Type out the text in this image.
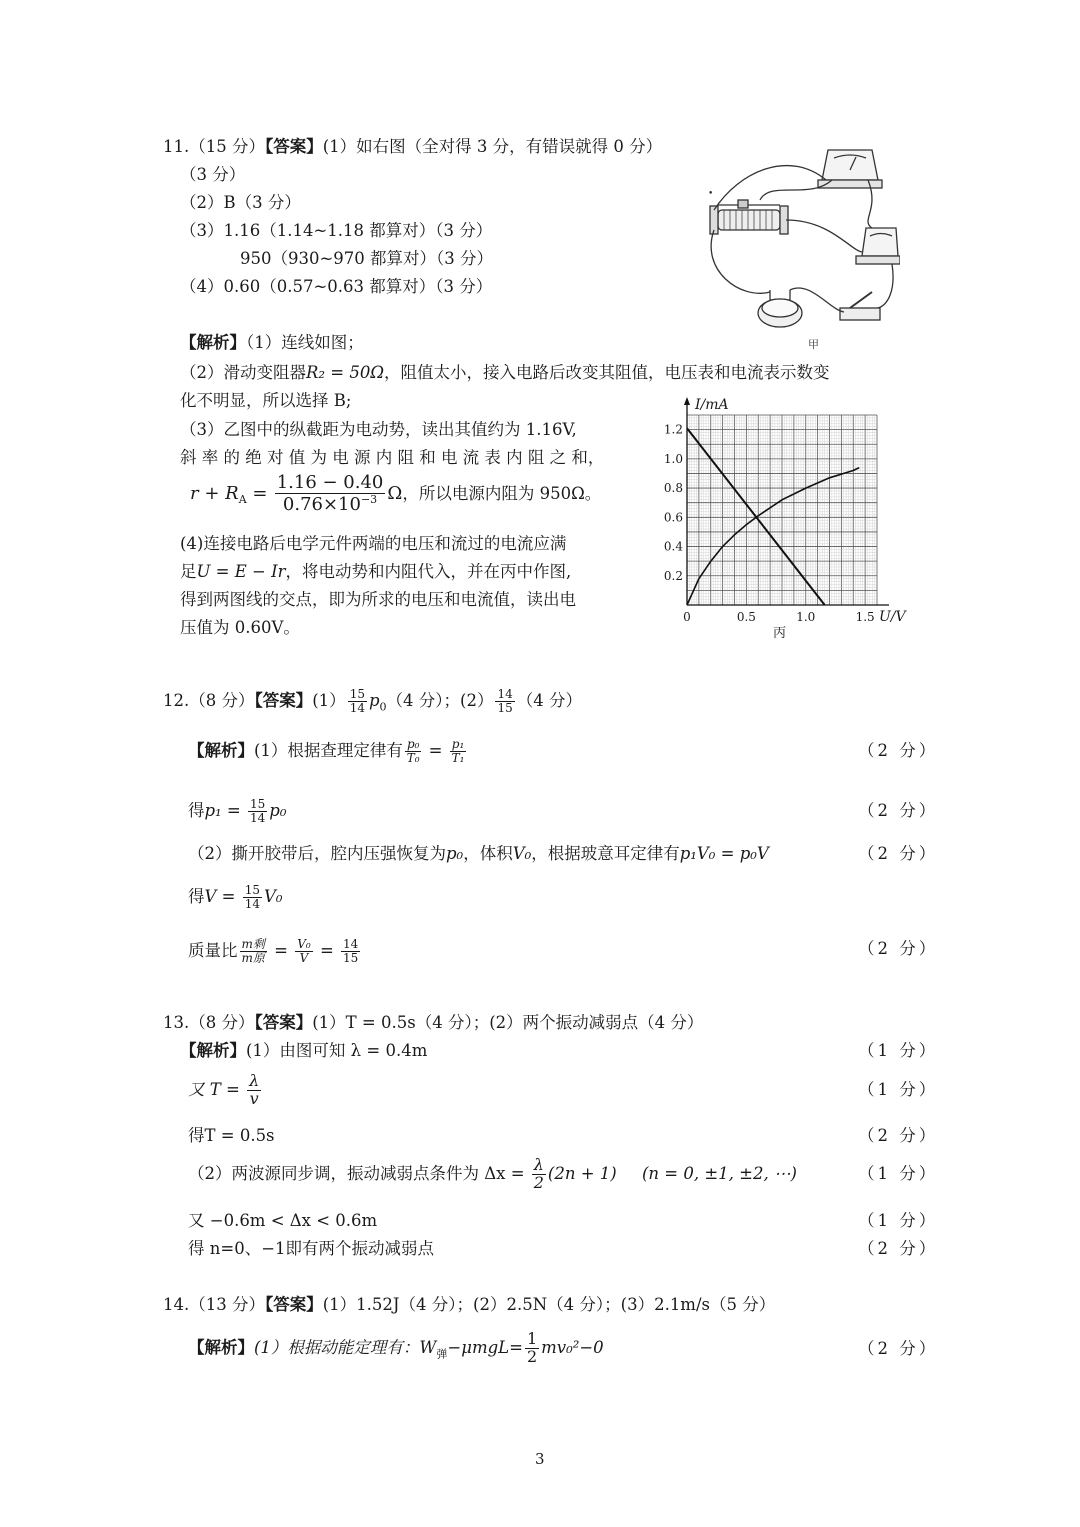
11.（15 分）【答案】(1）如右图（全对得 3 分，有错误就得 0 分）
（3 分）
（2）B（3 分）
（3）1.16（1.14~1.18 都算对）（3 分）
950（930~970 都算对）（3 分）
（4）0.60（0.57~0.63 都算对）（3 分）
•
甲
【解析】（1）连线如图；
（2）滑动变阻器R₂ = 50Ω，阻值太小，接入电路后改变其阻值，电压表和电流表示数变
化不明显，所以选择 B;
（3）乙图中的纵截距为电动势，读出其值约为 1.16V,
斜 率 的 绝 对 值 为 电 源 内 阻 和 电 流 表 内 阻 之 和，
$r + R_A = \frac{1.16 - 0.40}{0.76\times 10^{-3}}$ Ω，所以电源内阻为 950Ω。
(4)连接电路后电学元件两端的电压和流过的电流应满
足U = E − Ir，将电动势和内阻代入，并在丙中作图,
得到两图线的交点，即为所求的电压和电流值，读出电
压值为 0.60V。
0	0.5	1.0	1.5
0.2
0.4
0.6
0.8
1.0
1.2
I/mA
U/V
丙
12.（8 分）【答案】$(1) \frac{15}{14} p_0(4$ 分）；$(2) \frac{14}{15} (4$ 分）
【解析】(1）根据查理定律有 $\frac{\text{p₀}}{\text{T₀}} = \frac{\text{p₁}}{\text{T₁}}$	（2 分）
得$p_1 = \frac{15}{14} p_0$	（2 分）
（2）撕开胶带后，腔内压强恢复为p₀，体积V₀，根据玻意耳定律有p₁V₀ = p₀V	（2 分）
得$V = \frac{15}{14} V_0$
质量比 $\frac{\text{m剩}}{\text{m原}} = \frac{\text{V₀}}{V} = \frac{14}{15}$	（2 分）
13.（8 分）【答案】(1）T = 0.5s（4 分）；(2）两个振动减弱点（4 分）
【解析】(1）由图可知 λ = 0.4m	（1 分）
又 $T = \frac{\lambda}{v}$	（1 分）
得T = 0.5s	（2 分）
（2）两波源同步调，振动减弱点条件为 $\Delta x = \frac{\lambda}{2} (2n + 1) (n = 0$, ±1, ±2, ⋯)	（1 分）
又 −0.6m < Δx < 0.6m	（1 分）
得 n=0、−1即有两个振动减弱点	（2 分）
14.（13 分）【答案】(1）1.52J（4 分）；(2）2.5N（4 分）；(3）2.1m/s（5 分）
【解析】(1）根据动能定理有：$W_弹-\mu mgL= \frac{1}{2} mv_0^2-0$	（2 分）
3
